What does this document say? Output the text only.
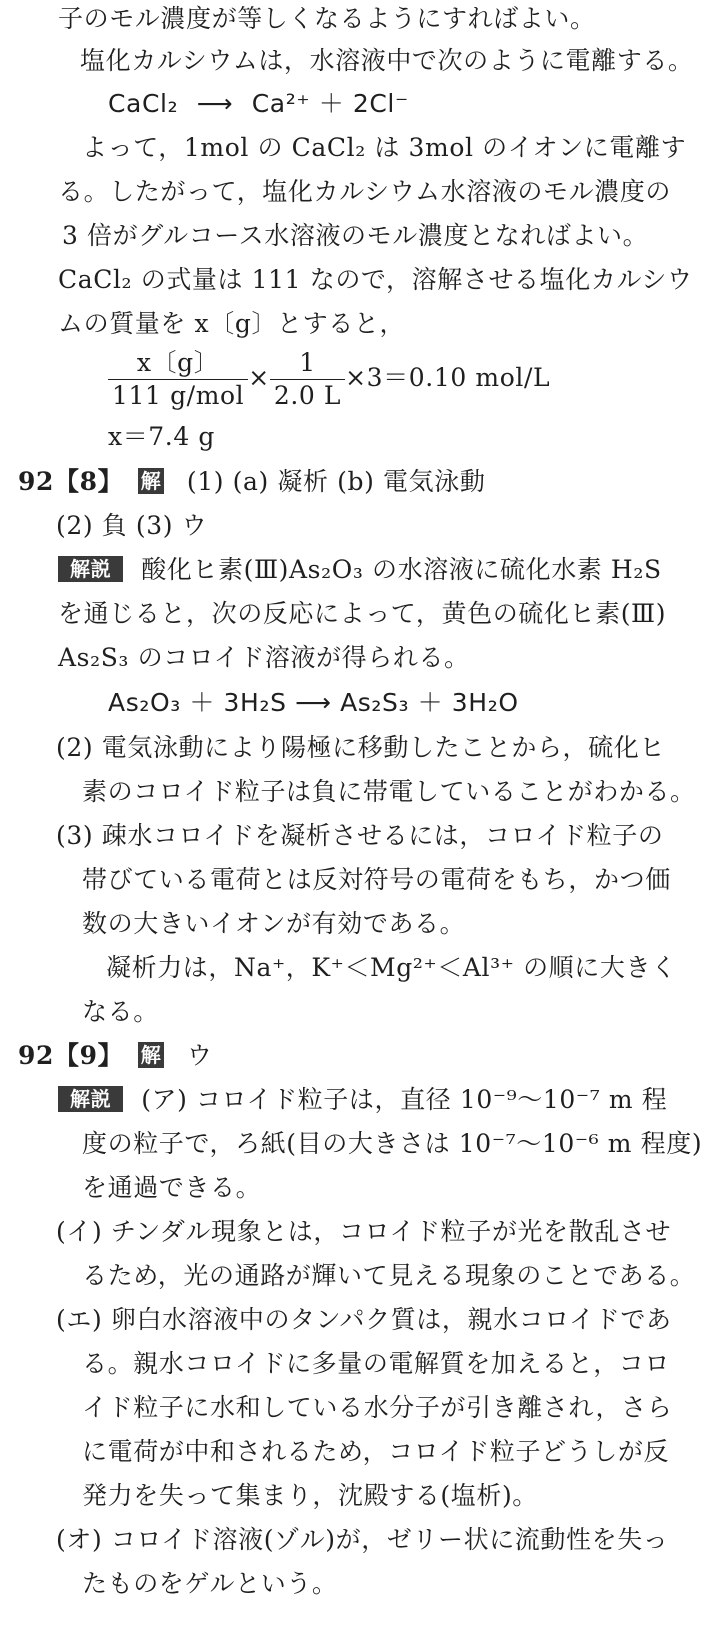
子のモル濃度が等しくなるようにすればよい。
塩化カルシウムは，水溶液中で次のように電離する。
CaCl₂ ⟶ Ca²⁺ ＋ 2Cl⁻
よって，1mol の CaCl₂ は 3mol のイオンに電離す
る。したがって，塩化カルシウム水溶液のモル濃度の
3 倍がグルコース水溶液のモル濃度となればよい。
CaCl₂ の式量は 111 なので，溶解させる塩化カルシウ
ムの質量を x〔g〕とすると，
$\frac{x〔g〕}{\text{111 g/mol}} \times \frac{1}{2.0 L} \times 3=0.10$ mol/L
x＝7.4 g
92【8】 解 (1) (a) 凝析 (b) 電気泳動
(2) 負 (3) ウ
解説 酸化ヒ素(Ⅲ)As₂O₃ の水溶液に硫化水素 H₂S
を通じると，次の反応によって，黄色の硫化ヒ素(Ⅲ)
As₂S₃ のコロイド溶液が得られる。
As₂O₃ ＋ 3H₂S ⟶ As₂S₃ ＋ 3H₂O
(2) 電気泳動により陽極に移動したことから，硫化ヒ
素のコロイド粒子は負に帯電していることがわかる。
(3) 疎水コロイドを凝析させるには，コロイド粒子の
帯びている電荷とは反対符号の電荷をもち，かつ価
数の大きいイオンが有効である。
凝析力は，Na⁺，K⁺＜Mg²⁺＜Al³⁺ の順に大きく
なる。
92【9】 解 ウ
解説 (ア) コロイド粒子は，直径 10⁻⁹～10⁻⁷ m 程
度の粒子で，ろ紙(目の大きさは 10⁻⁷～10⁻⁶ m 程度)
を通過できる。
(イ) チンダル現象とは，コロイド粒子が光を散乱させ
るため，光の通路が輝いて見える現象のことである。
(エ) 卵白水溶液中のタンパク質は，親水コロイドであ
る。親水コロイドに多量の電解質を加えると，コロ
イド粒子に水和している水分子が引き離され，さら
に電荷が中和されるため，コロイド粒子どうしが反
発力を失って集まり，沈殿する(塩析)。
(オ) コロイド溶液(ゾル)が，ゼリー状に流動性を失っ
たものをゲルという。
